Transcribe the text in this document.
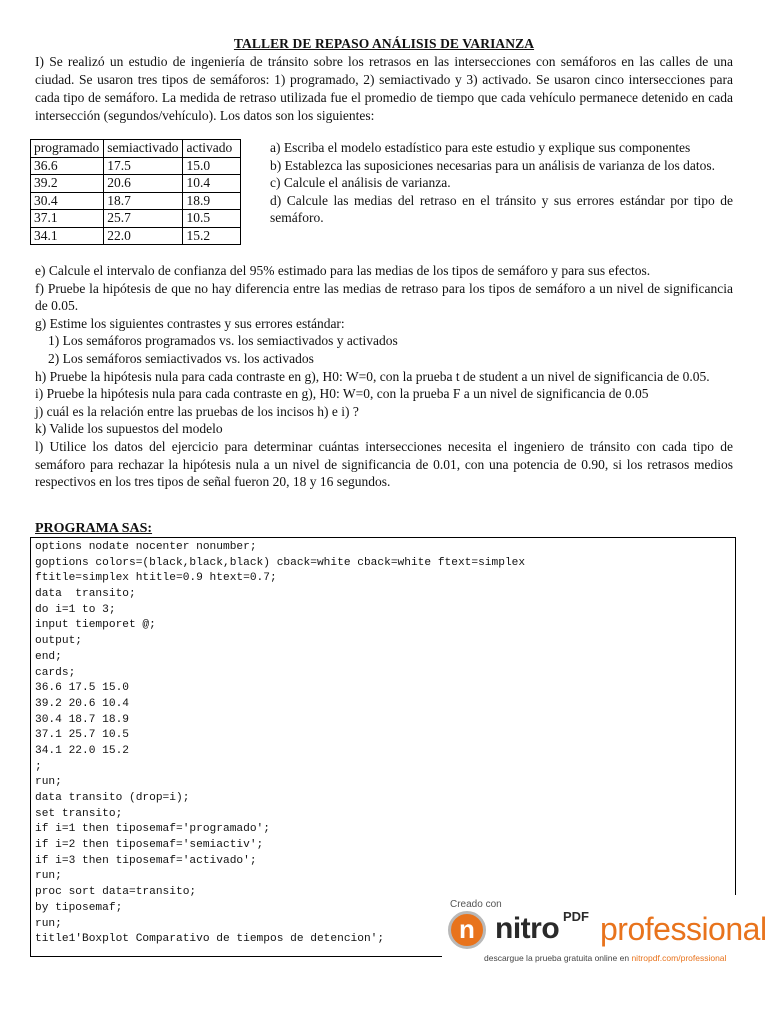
TALLER DE REPASO ANÁLISIS DE VARIANZA
I) Se realizó un estudio de ingeniería de tránsito sobre los retrasos en las intersecciones con semáforos en las calles de una ciudad. Se usaron tres tipos de semáforos: 1) programado, 2) semiactivado y 3) activado. Se usaron cinco intersecciones para cada tipo de semáforo. La medida de retraso utilizada fue el promedio de tiempo que cada vehículo permanece detenido en cada intersección (segundos/vehículo). Los datos son los siguientes:
programado	semiactivado	activado
36.6	17.5	15.0
39.2	20.6	10.4
30.4	18.7	18.9
37.1	25.7	10.5
34.1	22.0	15.2

a) Escriba el modelo estadístico para este estudio y explique sus componentes

b) Establezca las suposiciones necesarias para un análisis de varianza de los datos.

c) Calcule el análisis de varianza.

d) Calcule las medias del retraso en el tránsito y sus errores estándar por tipo de semáforo.

e) Calcule el intervalo de confianza del 95% estimado para las medias de los tipos de semáforo y para sus efectos.

f) Pruebe la hipótesis de que no hay diferencia entre las medias de retraso para los tipos de semáforo a un nivel de significancia de 0.05.

g) Estime los siguientes contrastes y sus errores estándar:

1) Los semáforos programados vs. los semiactivados y activados

2) Los semáforos semiactivados vs. los activados

h) Pruebe la hipótesis nula para cada contraste en g), H0: W=0, con la prueba t de student a un nivel de significancia de 0.05.

i) Pruebe la hipótesis nula para cada contraste en g), H0: W=0, con la prueba F a un nivel de significancia de 0.05

j) cuál es la relación entre las pruebas de los incisos h) e i) ?

k) Valide los supuestos del modelo

l) Utilice los datos del ejercicio para determinar cuántas intersecciones necesita el ingeniero de tránsito con cada tipo de semáforo para rechazar la hipótesis nula a un nivel de significancia de 0.01, con una potencia de 0.90, si los retrasos medios respectivos en los tres tipos de señal fueron 20, 18 y 16 segundos.

PROGRAMA SAS:
options nodate nocenter nonumber;
goptions colors=(black,black,black) cback=white cback=white ftext=simplex
ftitle=simplex htitle=0.9 htext=0.7;
data  transito;
do i=1 to 3;
input tiemporet @;
output;
end;
cards;
36.6 17.5 15.0
39.2 20.6 10.4
30.4 18.7 18.9
37.1 25.7 10.5
34.1 22.0 15.2
;
run;
data transito (drop=i);
set transito;
if i=1 then tiposemaf='programado';
if i=2 then tiposemaf='semiactiv';
if i=3 then tiposemaf='activado';
run;
proc sort data=transito;
by tiposemaf;
run;
title1'Boxplot Comparativo de tiempos de detencion';
Creado con
n nitro PDF professional
descargue la prueba gratuita online en nitropdf.com/professional
